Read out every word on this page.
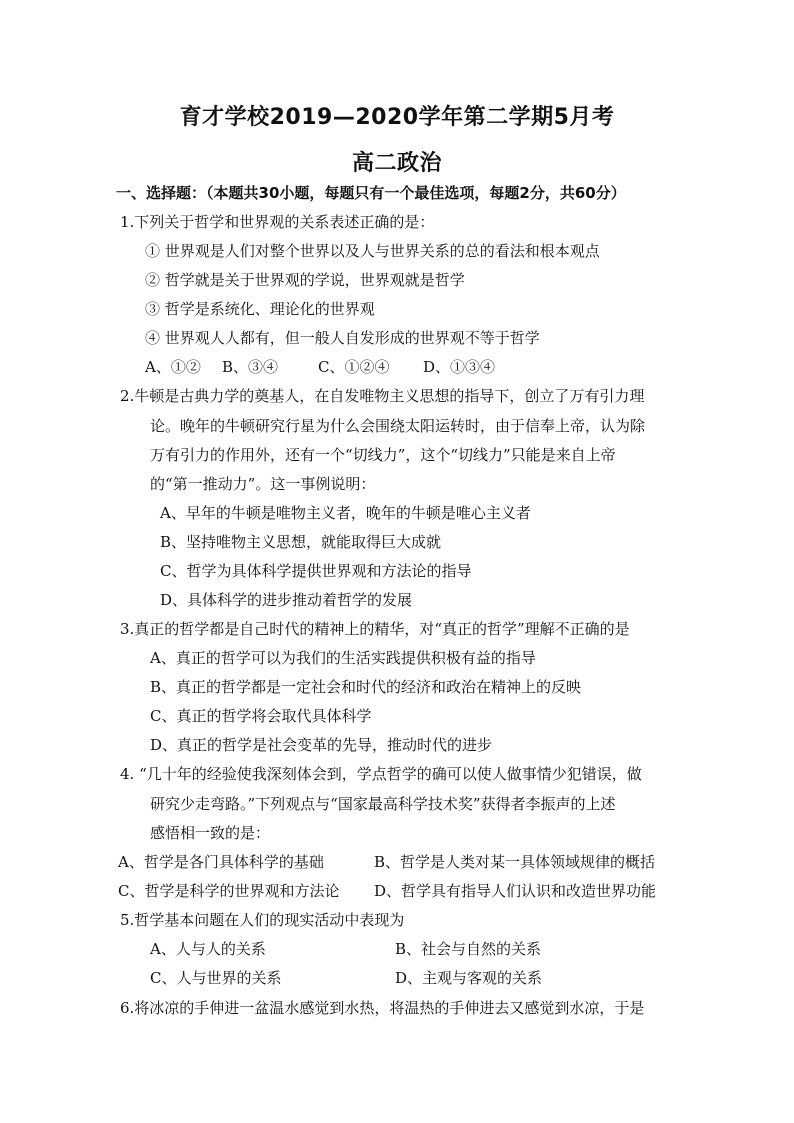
育才学校2019—2020学年第二学期5月考
高二政治
一、选择题：（本题共30小题，每题只有一个最佳选项，每题2分，共60分）
1.下列关于哲学和世界观的关系表述正确的是：
① 世界观是人们对整个世界以及人与世界关系的总的看法和根本观点
② 哲学就是关于世界观的学说，世界观就是哲学
③ 哲学是系统化、理论化的世界观
④ 世界观人人都有，但一般人自发形成的世界观不等于哲学
A、①② B、③④	C、①②④ D、①③④
2.牛顿是古典力学的奠基人，在自发唯物主义思想的指导下，创立了万有引力理
论。晚年的牛顿研究行星为什么会围绕太阳运转时，由于信奉上帝，认为除
万有引力的作用外，还有一个“切线力”，这个“切线力”只能是来自上帝
的“第一推动力”。这一事例说明：
A、早年的牛顿是唯物主义者，晚年的牛顿是唯心主义者
B、坚持唯物主义思想，就能取得巨大成就
C、哲学为具体科学提供世界观和方法论的指导
D、具体科学的进步推动着哲学的发展
3.真正的哲学都是自己时代的精神上的精华，对“真正的哲学”理解不正确的是
A、真正的哲学可以为我们的生活实践提供积极有益的指导
B、真正的哲学都是一定社会和时代的经济和政治在精神上的反映
C、真正的哲学将会取代具体科学
D、真正的哲学是社会变革的先导，推动时代的进步
4. “几十年的经验使我深刻体会到，学点哲学的确可以使人做事情少犯错误，做
研究少走弯路。”下列观点与“国家最高科学技术奖”获得者李振声的上述
感悟相一致的是：
A、哲学是各门具体科学的基础	B、哲学是人类对某一具体领域规律的概括
C、哲学是科学的世界观和方法论 D、哲学具有指导人们认识和改造世界功能
5.哲学基本问题在人们的现实活动中表现为
A、人与人的关系	B、社会与自然的关系
C、人与世界的关系	D、主观与客观的关系
6.将冰凉的手伸进一盆温水感觉到水热，将温热的手伸进去又感觉到水凉，于是
